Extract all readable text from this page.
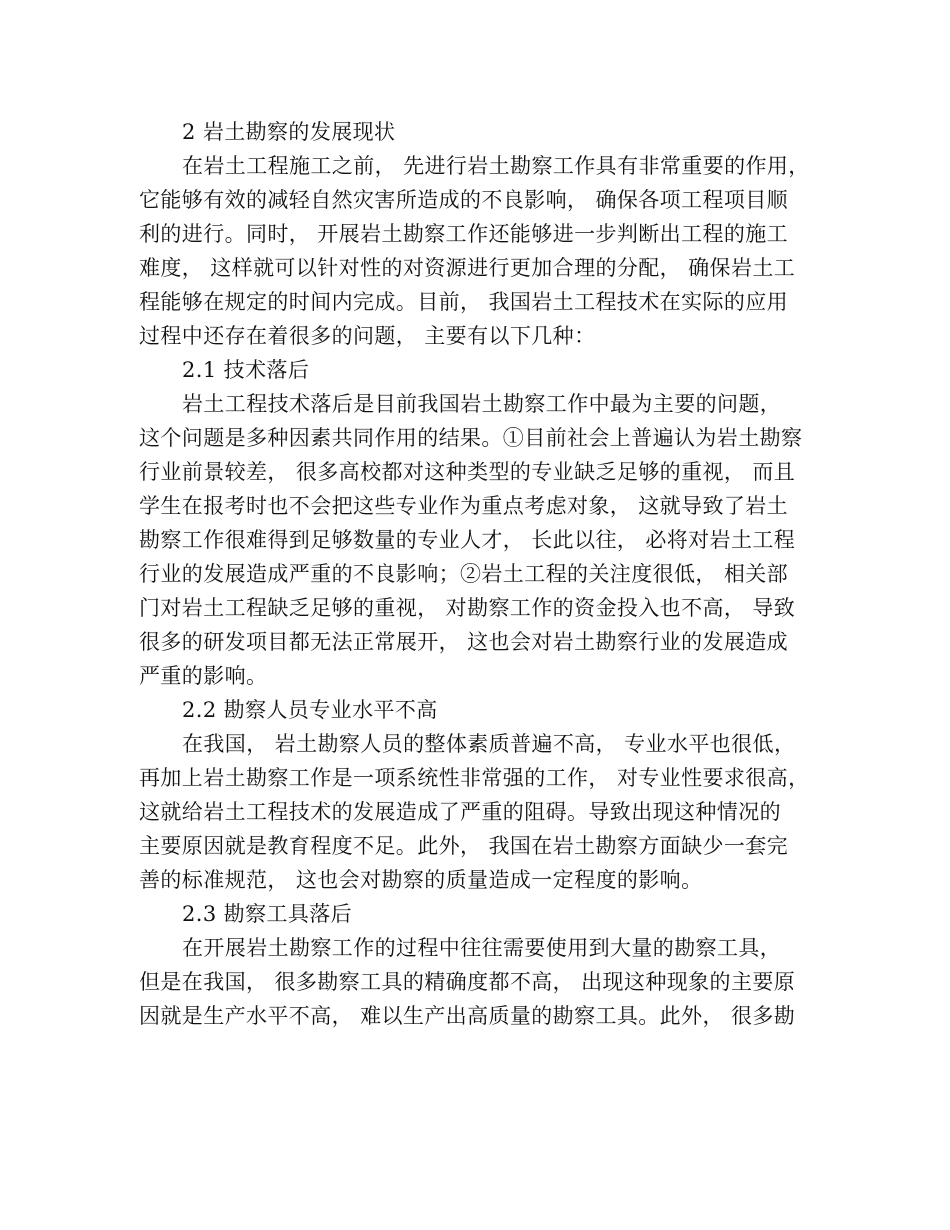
2 岩土勘察的发展现状
在岩土工程施工之前， 先进行岩土勘察工作具有非常重要的作用，
它能够有效的减轻自然灾害所造成的不良影响， 确保各项工程项目顺
利的进行。同时， 开展岩土勘察工作还能够进一步判断出工程的施工
难度， 这样就可以针对性的对资源进行更加合理的分配， 确保岩土工
程能够在规定的时间内完成。目前， 我国岩土工程技术在实际的应用
过程中还存在着很多的问题， 主要有以下几种：
2.1 技术落后
岩土工程技术落后是目前我国岩土勘察工作中最为主要的问题，
这个问题是多种因素共同作用的结果。①目前社会上普遍认为岩土勘察
行业前景较差， 很多高校都对这种类型的专业缺乏足够的重视， 而且
学生在报考时也不会把这些专业作为重点考虑对象， 这就导致了岩土
勘察工作很难得到足够数量的专业人才， 长此以往， 必将对岩土工程
行业的发展造成严重的不良影响；②岩土工程的关注度很低， 相关部
门对岩土工程缺乏足够的重视， 对勘察工作的资金投入也不高， 导致
很多的研发项目都无法正常展开， 这也会对岩土勘察行业的发展造成
严重的影响。
2.2 勘察人员专业水平不高
在我国， 岩土勘察人员的整体素质普遍不高， 专业水平也很低，
再加上岩土勘察工作是一项系统性非常强的工作， 对专业性要求很高，
这就给岩土工程技术的发展造成了严重的阻碍。导致出现这种情况的
主要原因就是教育程度不足。此外， 我国在岩土勘察方面缺少一套完
善的标准规范， 这也会对勘察的质量造成一定程度的影响。
2.3 勘察工具落后
在开展岩土勘察工作的过程中往往需要使用到大量的勘察工具，
但是在我国， 很多勘察工具的精确度都不高， 出现这种现象的主要原
因就是生产水平不高， 难以生产出高质量的勘察工具。此外， 很多勘
